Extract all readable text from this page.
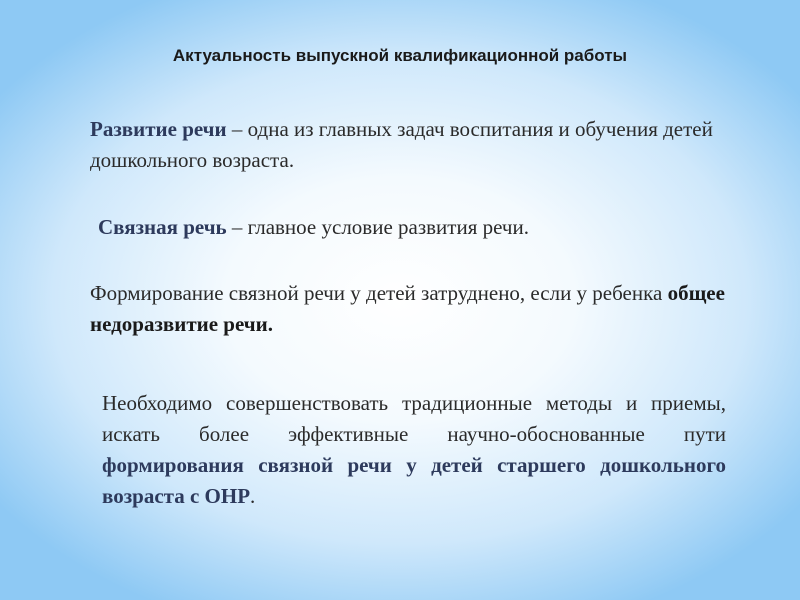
Актуальность выпускной квалификационной работы
Развитие речи – одна из главных задач воспитания и обучения детей дошкольного возраста.
Связная речь – главное условие развития речи.
Формирование связной речи у детей затруднено, если у ребенка общее недоразвитие речи.
Необходимо совершенствовать традиционные методы и приемы, искать более эффективные научно-обоснованные пути формирования связной речи у детей старшего дошкольного возраста с ОНР.
